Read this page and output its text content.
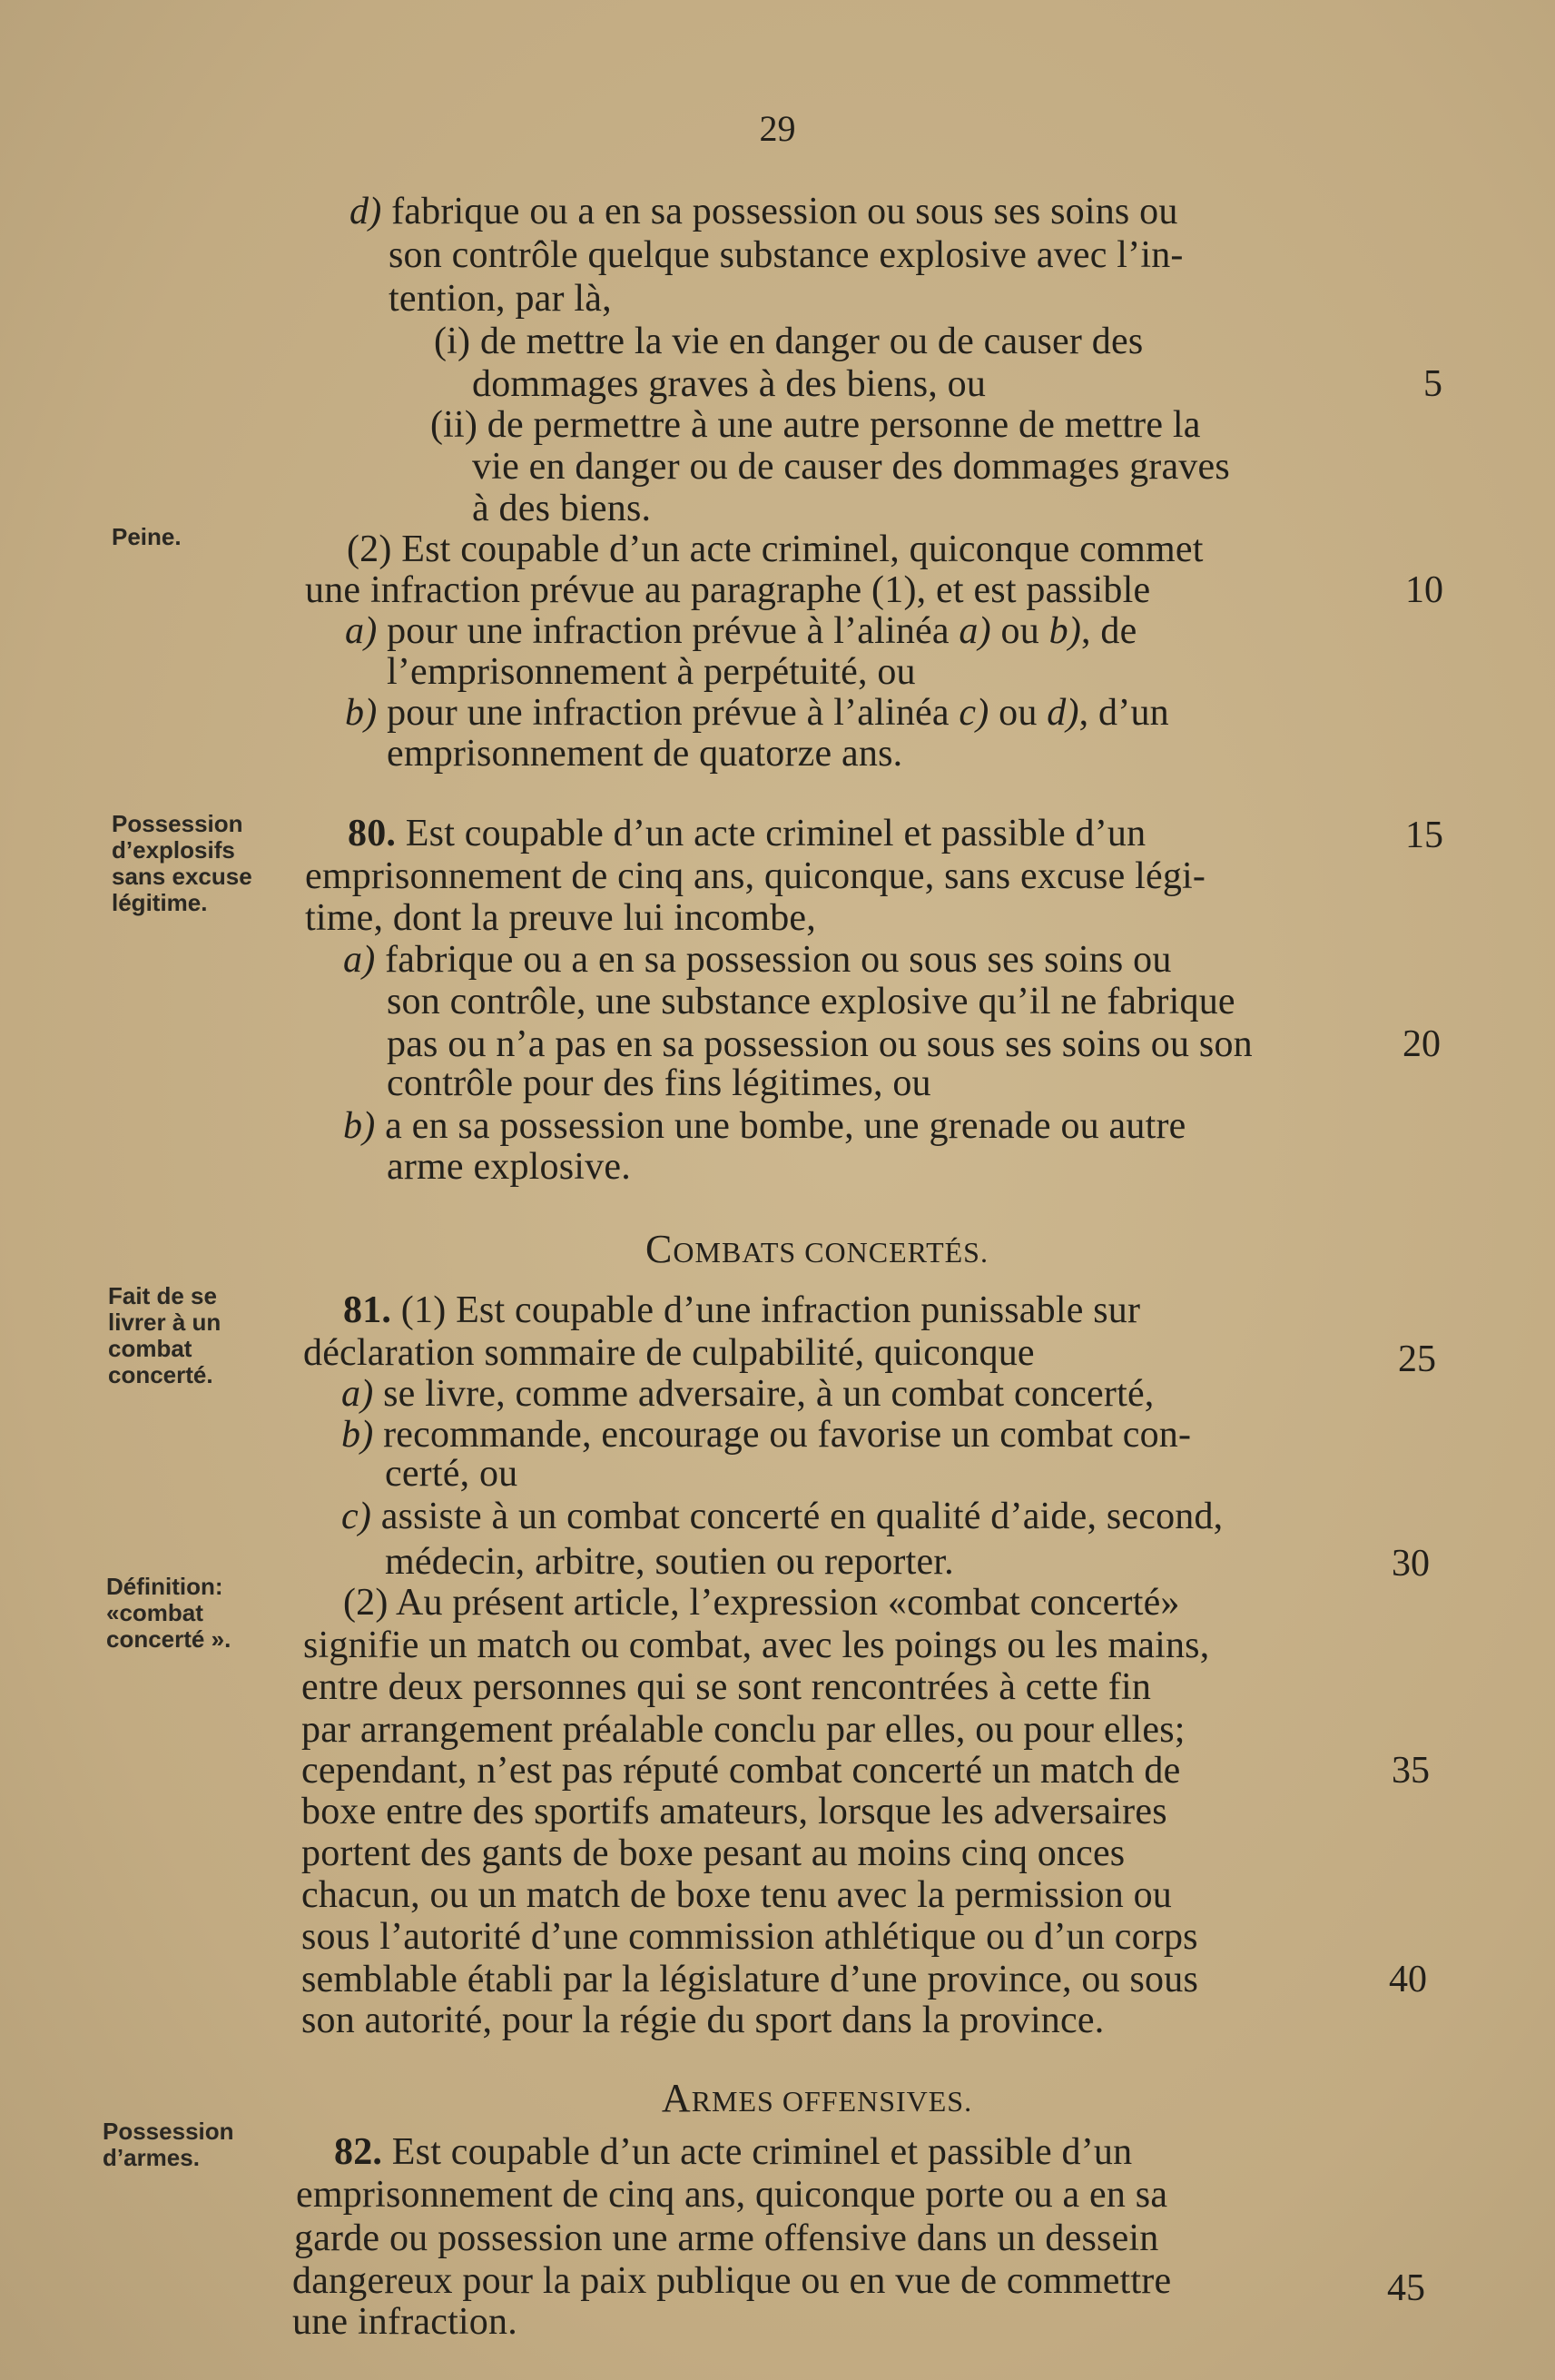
29
Peine.
Possession
d’explosifs
sans excuse
légitime.
Fait de se
livrer à un
combat
concerté.
Définition:
«combat
concerté ».
Possession
d’armes.
5
10
15
20
25
30
35
40
45
d) fabrique ou a en sa possession ou sous ses soins ou
son contrôle quelque substance explosive avec l’in-
tention, par là,
(i) de mettre la vie en danger ou de causer des
dommages graves à des biens, ou
(ii) de permettre à une autre personne de mettre la
vie en danger ou de causer des dommages graves
à des biens.
(2) Est coupable d’un acte criminel, quiconque commet
une infraction prévue au paragraphe (1), et est passible
a) pour une infraction prévue à l’alinéa a) ou b), de
l’emprisonnement à perpétuité, ou
b) pour une infraction prévue à l’alinéa c) ou d), d’un
emprisonnement de quatorze ans.
80. Est coupable d’un acte criminel et passible d’un
emprisonnement de cinq ans, quiconque, sans excuse légi-
time, dont la preuve lui incombe,
a) fabrique ou a en sa possession ou sous ses soins ou
son contrôle, une substance explosive qu’il ne fabrique
pas ou n’a pas en sa possession ou sous ses soins ou son
contrôle pour des fins légitimes, ou
b) a en sa possession une bombe, une grenade ou autre
arme explosive.
COMBATS CONCERTÉS.
81. (1) Est coupable d’une infraction punissable sur
déclaration sommaire de culpabilité, quiconque
a) se livre, comme adversaire, à un combat concerté,
b) recommande, encourage ou favorise un combat con-
certé, ou
c) assiste à un combat concerté en qualité d’aide, second,
médecin, arbitre, soutien ou reporter.
(2) Au présent article, l’expression «combat concerté»
signifie un match ou combat, avec les poings ou les mains,
entre deux personnes qui se sont rencontrées à cette fin
par arrangement préalable conclu par elles, ou pour elles;
cependant, n’est pas réputé combat concerté un match de
boxe entre des sportifs amateurs, lorsque les adversaires
portent des gants de boxe pesant au moins cinq onces
chacun, ou un match de boxe tenu avec la permission ou
sous l’autorité d’une commission athlétique ou d’un corps
semblable établi par la législature d’une province, ou sous
son autorité, pour la régie du sport dans la province.
ARMES OFFENSIVES.
82. Est coupable d’un acte criminel et passible d’un
emprisonnement de cinq ans, quiconque porte ou a en sa
garde ou possession une arme offensive dans un dessein
dangereux pour la paix publique ou en vue de commettre
une infraction.
